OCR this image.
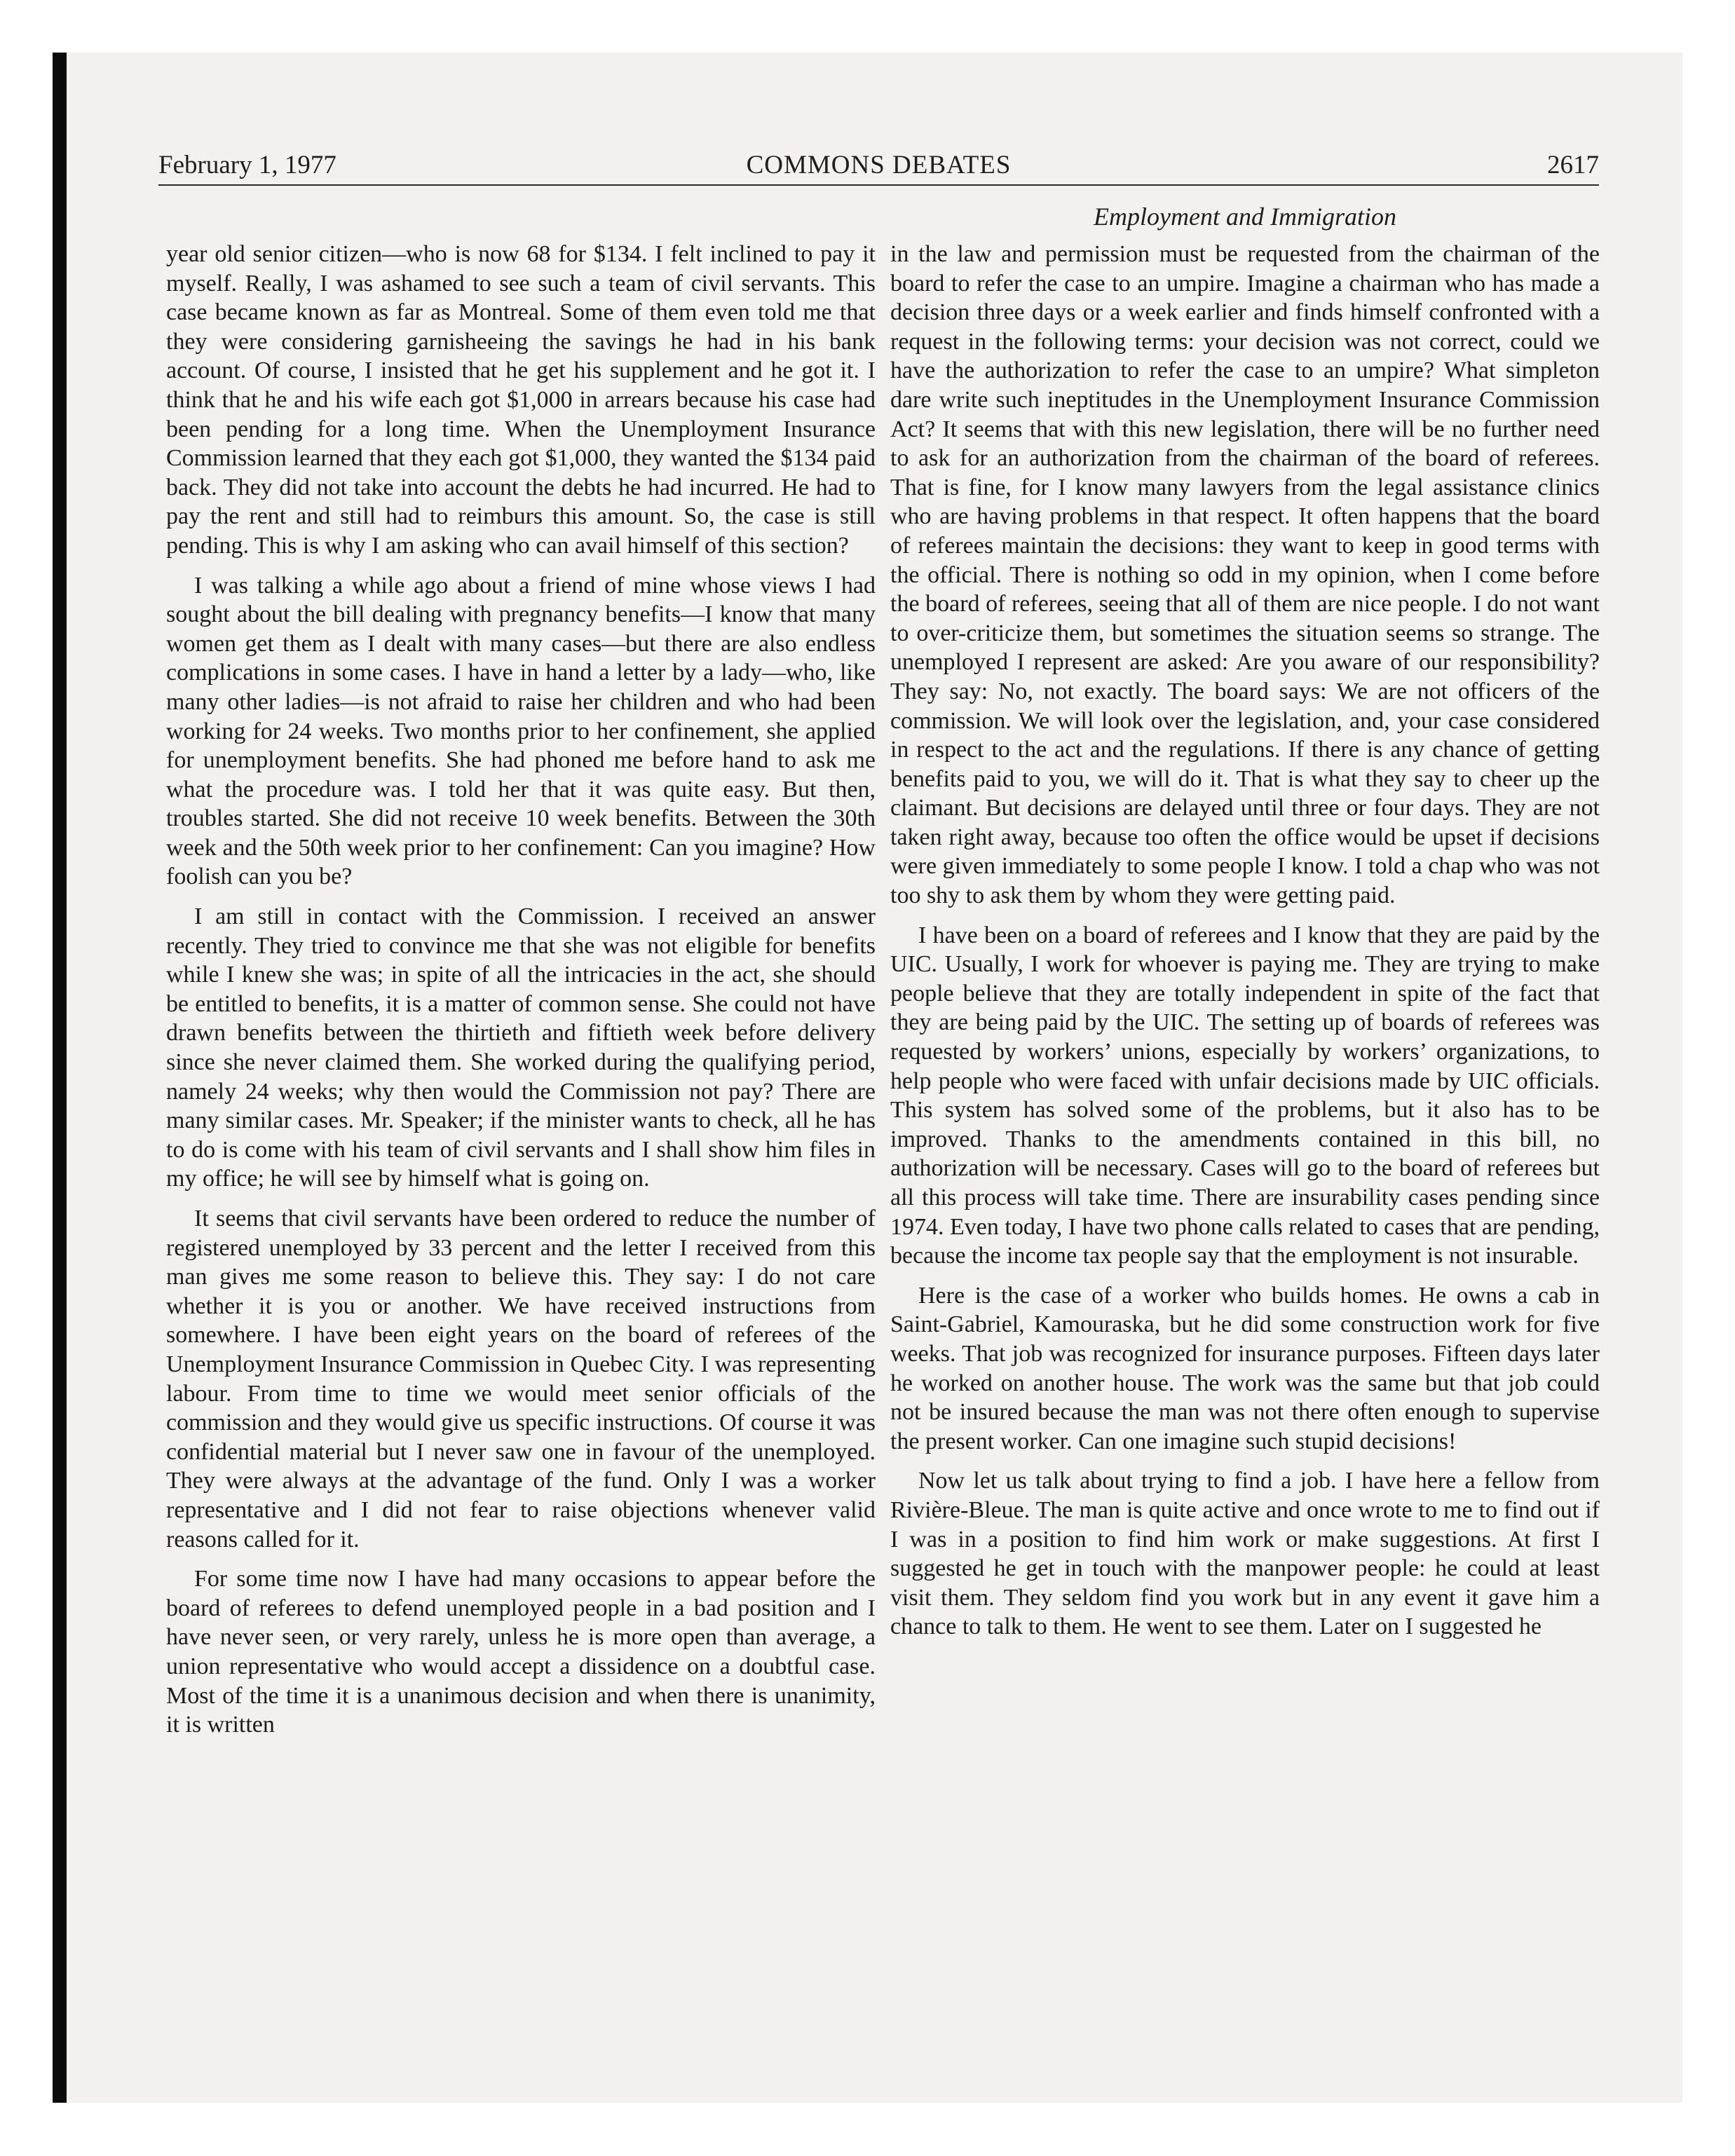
February 1, 1977	COMMONS DEBATES	2617
Employment and Immigration

year old senior citizen—who is now 68 for $134. I felt inclined to pay it myself. Really, I was ashamed to see such a team of civil servants. This case became known as far as Montreal. Some of them even told me that they were considering garnisheeing the savings he had in his bank account. Of course, I insisted that he get his supplement and he got it. I think that he and his wife each got $1,000 in arrears because his case had been pending for a long time. When the Unemployment Insurance Commission learned that they each got $1,000, they wanted the $134 paid back. They did not take into account the debts he had incurred. He had to pay the rent and still had to reimburs this amount. So, the case is still pending. This is why I am asking who can avail himself of this section?

I was talking a while ago about a friend of mine whose views I had sought about the bill dealing with pregnancy benefits—I know that many women get them as I dealt with many cases—but there are also endless complications in some cases. I have in hand a letter by a lady—who, like many other ladies—is not afraid to raise her children and who had been working for 24 weeks. Two months prior to her confinement, she applied for unemployment benefits. She had phoned me before hand to ask me what the procedure was. I told her that it was quite easy. But then, troubles started. She did not receive 10 week benefits. Between the 30th week and the 50th week prior to her confinement: Can you imagine? How foolish can you be?

I am still in contact with the Commission. I received an answer recently. They tried to convince me that she was not eligible for benefits while I knew she was; in spite of all the intricacies in the act, she should be entitled to benefits, it is a matter of common sense. She could not have drawn benefits between the thirtieth and fiftieth week before delivery since she never claimed them. She worked during the qualifying period, namely 24 weeks; why then would the Commission not pay? There are many similar cases. Mr. Speaker; if the minister wants to check, all he has to do is come with his team of civil servants and I shall show him files in my office; he will see by himself what is going on.

It seems that civil servants have been ordered to reduce the number of registered unemployed by 33 percent and the letter I received from this man gives me some reason to believe this. They say: I do not care whether it is you or another. We have received instructions from somewhere. I have been eight years on the board of referees of the Unemployment Insurance Commission in Quebec City. I was representing labour. From time to time we would meet senior officials of the commission and they would give us specific instructions. Of course it was confidential material but I never saw one in favour of the unemployed. They were always at the advantage of the fund. Only I was a worker representative and I did not fear to raise objections whenever valid reasons called for it.

For some time now I have had many occasions to appear before the board of referees to defend unemployed people in a bad position and I have never seen, or very rarely, unless he is more open than average, a union representative who would accept a dissidence on a doubtful case. Most of the time it is a unanimous decision and when there is unanimity, it is written

in the law and permission must be requested from the chairman of the board to refer the case to an umpire. Imagine a chairman who has made a decision three days or a week earlier and finds himself confronted with a request in the following terms: your decision was not correct, could we have the authorization to refer the case to an umpire? What simpleton dare write such ineptitudes in the Unemployment Insurance Commission Act? It seems that with this new legislation, there will be no further need to ask for an authorization from the chairman of the board of referees. That is fine, for I know many lawyers from the legal assistance clinics who are having problems in that respect. It often happens that the board of referees maintain the decisions: they want to keep in good terms with the official. There is nothing so odd in my opinion, when I come before the board of referees, seeing that all of them are nice people. I do not want to over-criticize them, but sometimes the situation seems so strange. The unemployed I represent are asked: Are you aware of our responsibility? They say: No, not exactly. The board says: We are not officers of the commission. We will look over the legislation, and, your case considered in respect to the act and the regulations. If there is any chance of getting benefits paid to you, we will do it. That is what they say to cheer up the claimant. But decisions are delayed until three or four days. They are not taken right away, because too often the office would be upset if decisions were given immediately to some people I know. I told a chap who was not too shy to ask them by whom they were getting paid.

I have been on a board of referees and I know that they are paid by the UIC. Usually, I work for whoever is paying me. They are trying to make people believe that they are totally independent in spite of the fact that they are being paid by the UIC. The setting up of boards of referees was requested by workers’ unions, especially by workers’ organizations, to help people who were faced with unfair decisions made by UIC officials. This system has solved some of the problems, but it also has to be improved. Thanks to the amendments contained in this bill, no authorization will be necessary. Cases will go to the board of referees but all this process will take time. There are insurability cases pending since 1974. Even today, I have two phone calls related to cases that are pending, because the income tax people say that the employment is not insurable.

Here is the case of a worker who builds homes. He owns a cab in Saint-Gabriel, Kamouraska, but he did some construction work for five weeks. That job was recognized for insurance purposes. Fifteen days later he worked on another house. The work was the same but that job could not be insured because the man was not there often enough to supervise the present worker. Can one imagine such stupid decisions!

Now let us talk about trying to find a job. I have here a fellow from Rivière-Bleue. The man is quite active and once wrote to me to find out if I was in a position to find him work or make suggestions. At first I suggested he get in touch with the manpower people: he could at least visit them. They seldom find you work but in any event it gave him a chance to talk to them. He went to see them. Later on I suggested he
